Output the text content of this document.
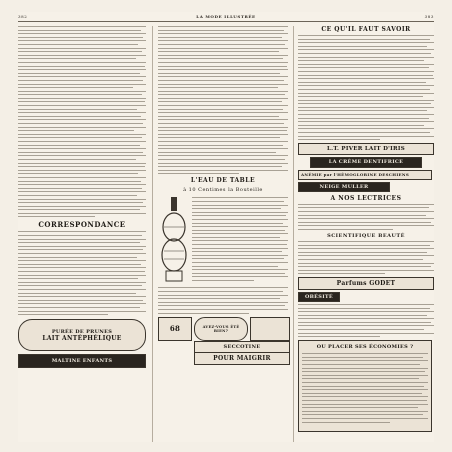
382	LA MODE ILLUSTRÉE	383
CORRESPONDANCE
PURÉE DE PRUNES
LAIT ANTÉPHÉLIQUE
MALTINE ENFANTS
L'EAU DE TABLE
à 10 Centimes la Bouteille
68	AVEZ-VOUS ÉTÉ BIEN?
SECCOTINE
POUR MAIGRIR
CE QU'IL FAUT SAVOIR
L.T. PIVER LAIT D'IRIS
LA CRÈME DENTIFRICE
ANÉMIE par l'HÉMOGLOBINE DESCHIENS
NEIGE MULLER
A NOS LECTRICES
SCIENTIFIQUE BEAUTÉ
Parfums GODET
OBÉSITÉ
OU PLACER SES ÉCONOMIES ?
